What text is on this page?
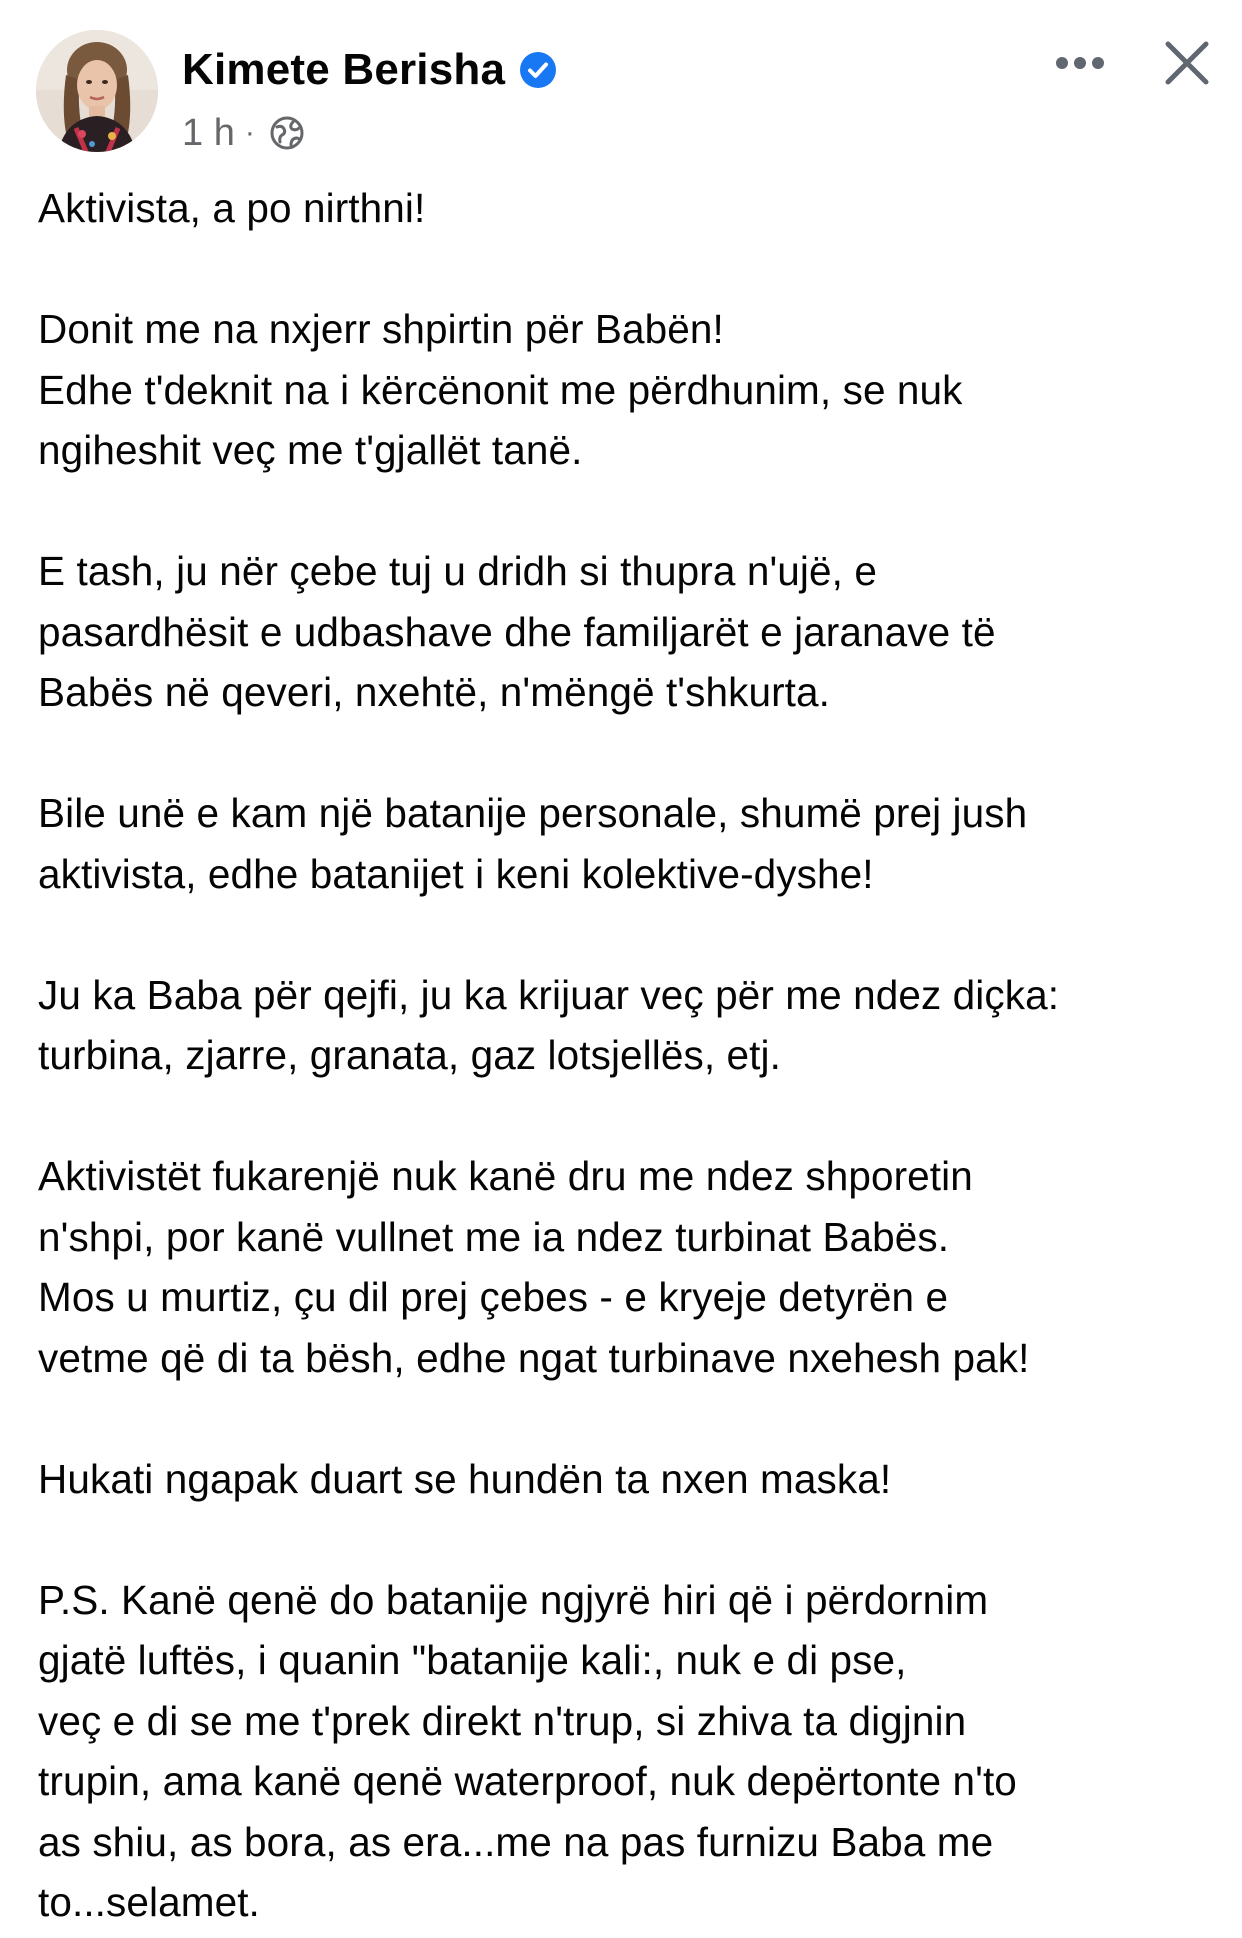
Kimete Berisha
1 h ·

Aktivista, a po nirthni!

Donit me na nxjerr shpirtin për Babën!
Edhe t'deknit na i kërcënonit me përdhunim, se nuk
ngiheshit veç me t'gjallët tanë.

E tash, ju nër çebe tuj u dridh si thupra n'ujë, e
pasardhësit e udbashave dhe familjarët e jaranave të
Babës në qeveri, nxehtë, n'mëngë t'shkurta.

Bile unë e kam një batanije personale, shumë prej jush
aktivista, edhe batanijet i keni kolektive-dyshe!

Ju ka Baba për qejfi, ju ka krijuar veç për me ndez diçka:
turbina, zjarre, granata, gaz lotsjellës, etj.

Aktivistët fukarenjë nuk kanë dru me ndez shporetin
n'shpi, por kanë vullnet me ia ndez turbinat Babës.
Mos u murtiz, çu dil prej çebes - e kryeje detyrën e
vetme që di ta bësh, edhe ngat turbinave nxehesh pak!

Hukati ngapak duart se hundën ta nxen maska!

P.S. Kanë qenë do batanije ngjyrë hiri që i përdornim
gjatë luftës, i quanin "batanije kali:, nuk e di pse,
veç e di se me t'prek direkt n'trup, si zhiva ta digjnin
trupin, ama kanë qenë waterproof, nuk depërtonte n'to
as shiu, as bora, as era...me na pas furnizu Baba me
to...selamet.
